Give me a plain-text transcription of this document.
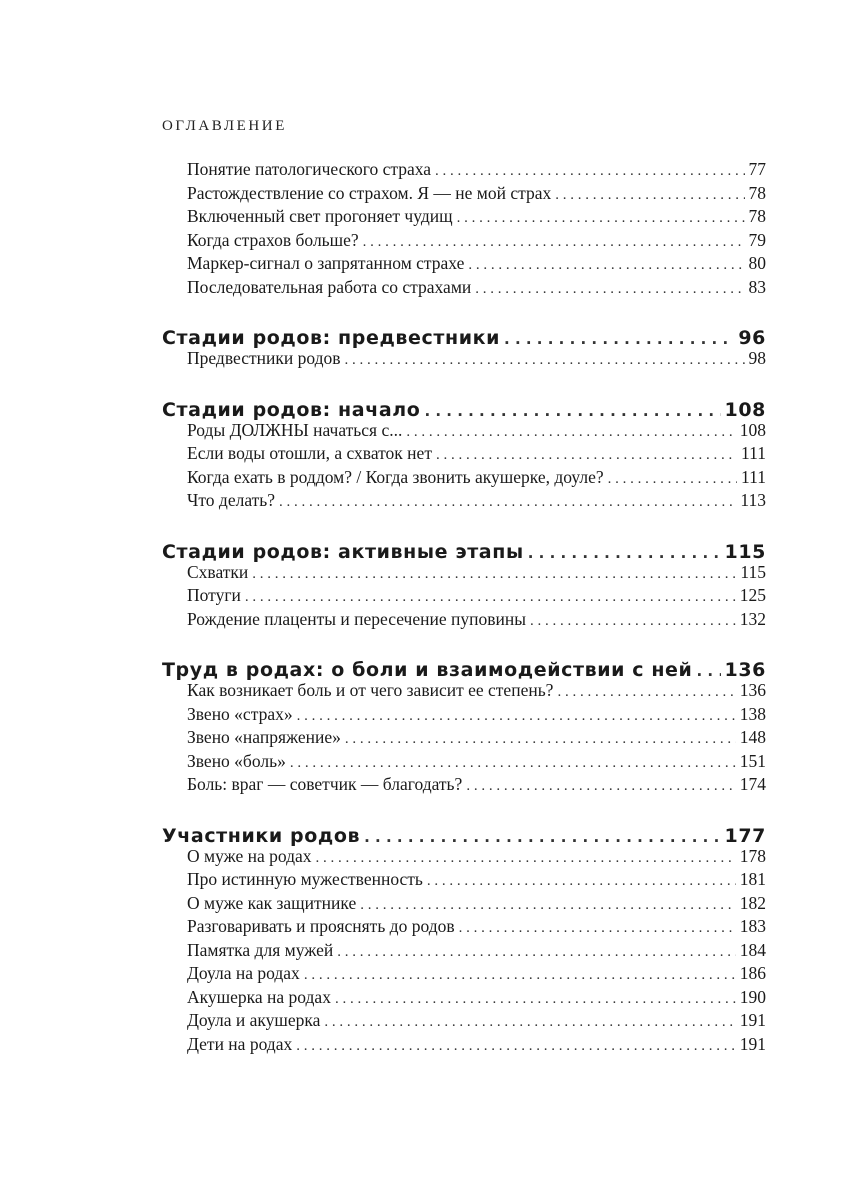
ОГЛАВЛЕНИЕ
Понятие патологического страха . . .	77
Растождествление со страхом. Я — не мой страх . . .	78
Включенный свет прогоняет чудищ . . .	78
Когда страхов больше? . . .	79
Маркер-сигнал о запрятанном страхе . . .	80
Последовательная работа со страхами . . .	83
Стадии родов: предвестники . . .	96
Предвестники родов . . .	98
Стадии родов: начало . . .	108
Роды ДОЛЖНЫ начаться с... . . .	108
Если воды отошли, а схваток нет . . .	111
Когда ехать в роддом? / Когда звонить акушерке, доуле? . . .	111
Что делать? . . .	113
Стадии родов: активные этапы . . .	115
Схватки . . .	115
Потуги . . .	125
Рождение плаценты и пересечение пуповины . . .	132
Труд в родах: о боли и взаимодействии с ней . . . 136
Как возникает боль и от чего зависит ее степень? . . .	136
Звено «страх» . . .	138
Звено «напряжение» . . .	148
Звено «боль» . . .	151
Боль: враг — советчик — благодать? . . .	174
Участники родов . . .	177
О муже на родах . . .	178
Про истинную мужественность . . .	181
О муже как защитнике . . .	182
Разговаривать и прояснять до родов . . .	183
Памятка для мужей . . .	184
Доула на родах . . .	186
Акушерка на родах . . .	190
Доула и акушерка . . .	191
Дети на родах . . .	191
